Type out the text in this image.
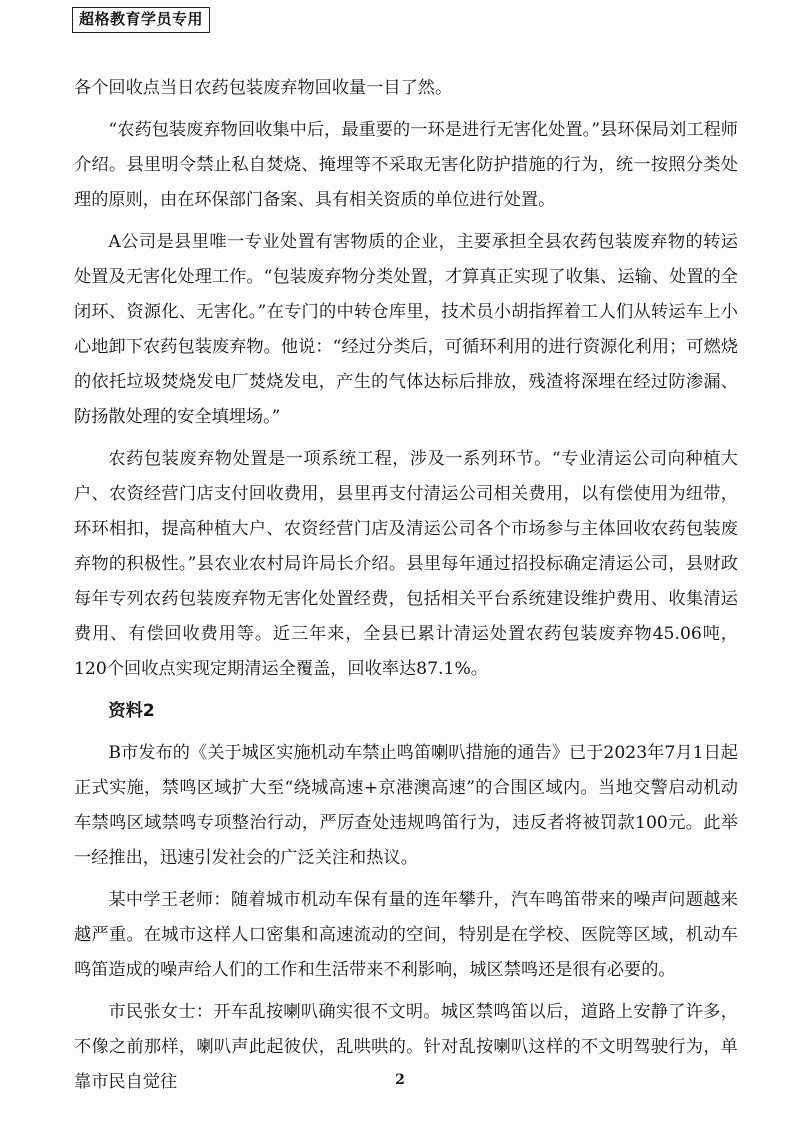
超格教育学员专用

各个回收点当日农药包装废弃物回收量一目了然。

“农药包装废弃物回收集中后，最重要的一环是进行无害化处置。”县环保局刘工程师介绍。县里明令禁止私自焚烧、掩埋等不采取无害化防护措施的行为，统一按照分类处理的原则，由在环保部门备案、具有相关资质的单位进行处置。

A公司是县里唯一专业处置有害物质的企业，主要承担全县农药包装废弃物的转运处置及无害化处理工作。“包装废弃物分类处置，才算真正实现了收集、运输、处置的全闭环、资源化、无害化。”在专门的中转仓库里，技术员小胡指挥着工人们从转运车上小心地卸下农药包装废弃物。他说：“经过分类后，可循环利用的进行资源化利用；可燃烧的依托垃圾焚烧发电厂焚烧发电，产生的气体达标后排放，残渣将深埋在经过防渗漏、防扬散处理的安全填埋场。”

农药包装废弃物处置是一项系统工程，涉及一系列环节。“专业清运公司向种植大户、农资经营门店支付回收费用，县里再支付清运公司相关费用，以有偿使用为纽带，环环相扣，提高种植大户、农资经营门店及清运公司各个市场参与主体回收农药包装废弃物的积极性。”县农业农村局许局长介绍。县里每年通过招投标确定清运公司，县财政每年专列农药包装废弃物无害化处置经费，包括相关平台系统建设维护费用、收集清运费用、有偿回收费用等。近三年来，全县已累计清运处置农药包装废弃物45.06吨，120个回收点实现定期清运全覆盖，回收率达87.1%。

资料2

B市发布的《关于城区实施机动车禁止鸣笛喇叭措施的通告》已于2023年7月1日起正式实施，禁鸣区域扩大至“绕城高速+京港澳高速”的合围区域内。当地交警启动机动车禁鸣区域禁鸣专项整治行动，严厉查处违规鸣笛行为，违反者将被罚款100元。此举一经推出，迅速引发社会的广泛关注和热议。

某中学王老师：随着城市机动车保有量的连年攀升，汽车鸣笛带来的噪声问题越来越严重。在城市这样人口密集和高速流动的空间，特别是在学校、医院等区域，机动车鸣笛造成的噪声给人们的工作和生活带来不利影响，城区禁鸣还是很有必要的。

市民张女士：开车乱按喇叭确实很不文明。城区禁鸣笛以后，道路上安静了许多，不像之前那样，喇叭声此起彼伏，乱哄哄的。针对乱按喇叭这样的不文明驾驶行为，单靠市民自觉往	2
